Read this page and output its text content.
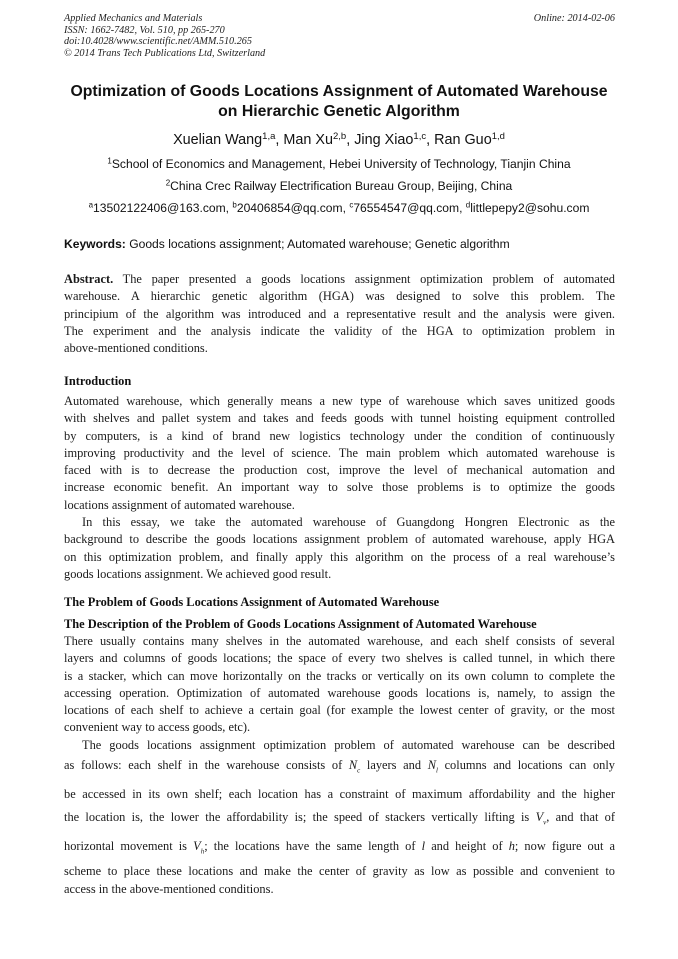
Applied Mechanics and Materials
ISSN: 1662-7482, Vol. 510, pp 265-270
doi:10.4028/www.scientific.net/AMM.510.265
© 2014 Trans Tech Publications Ltd, Switzerland
Online: 2014-02-06
Optimization of Goods Locations Assignment of Automated Warehouse
on Hierarchic Genetic Algorithm
Xuelian Wang$^{1,a}$, Man Xu$^{2,b}$, Jing Xiao$^{1,c}$, Ran Guo$^{1,d}$
$^1$School of Economics and Management, Hebei University of Technology, Tianjin China
$^2$China Crec Railway Electrification Bureau Group, Beijing, China
$^a$13502122406@163.com, $^b$20406854@qq.com, $^c$76554547@qq.com, $^d$littlepepy2@sohu.com
Keywords: Goods locations assignment; Automated warehouse; Genetic algorithm
Abstract. The paper presented a goods locations assignment optimization problem of automated
warehouse. A hierarchic genetic algorithm (HGA) was designed to solve this problem. The
principium of the algorithm was introduced and a representative result and the analysis were given.
The experiment and the analysis indicate the validity of the HGA to optimization problem in
above-mentioned conditions.
Introduction
Automated warehouse, which generally means a new type of warehouse which saves unitized goods
with shelves and pallet system and takes and feeds goods with tunnel hoisting equipment controlled
by computers, is a kind of brand new logistics technology under the condition of continuously
improving productivity and the level of science. The main problem which automated warehouse is
faced with is to decrease the production cost, improve the level of mechanical automation and
increase economic benefit. An important way to solve those problems is to optimize the goods
locations assignment of automated warehouse.
In this essay, we take the automated warehouse of Guangdong Hongren Electronic as the
background to describe the goods locations assignment problem of automated warehouse, apply HGA
on this optimization problem, and finally apply this algorithm on the process of a real warehouse’s
goods locations assignment. We achieved good result.
The Problem of Goods Locations Assignment of Automated Warehouse
The Description of the Problem of Goods Locations Assignment of Automated Warehouse
There usually contains many shelves in the automated warehouse, and each shelf consists of several
layers and columns of goods locations; the space of every two shelves is called tunnel, in which there
is a stacker, which can move horizontally on the tracks or vertically on its own column to complete the
accessing operation. Optimization of automated warehouse goods locations is, namely, to assign the
locations of each shelf to achieve a certain goal (for example the lowest center of gravity, or the most
convenient way to access goods, etc).
The goods locations assignment optimization problem of automated warehouse can be described
as follows: each shelf in the warehouse consists of $N_c$ layers and $N_l$ columns and locations can only
be accessed in its own shelf; each location has a constraint of maximum affordability and the higher
the location is, the lower the affordability is; the speed of stackers vertically lifting is $V_v$, and that of
horizontal movement is $V_h$; the locations have the same length of l and height of h; now figure out a
scheme to place these locations and make the center of gravity as low as possible and convenient to
access in the above-mentioned conditions.
